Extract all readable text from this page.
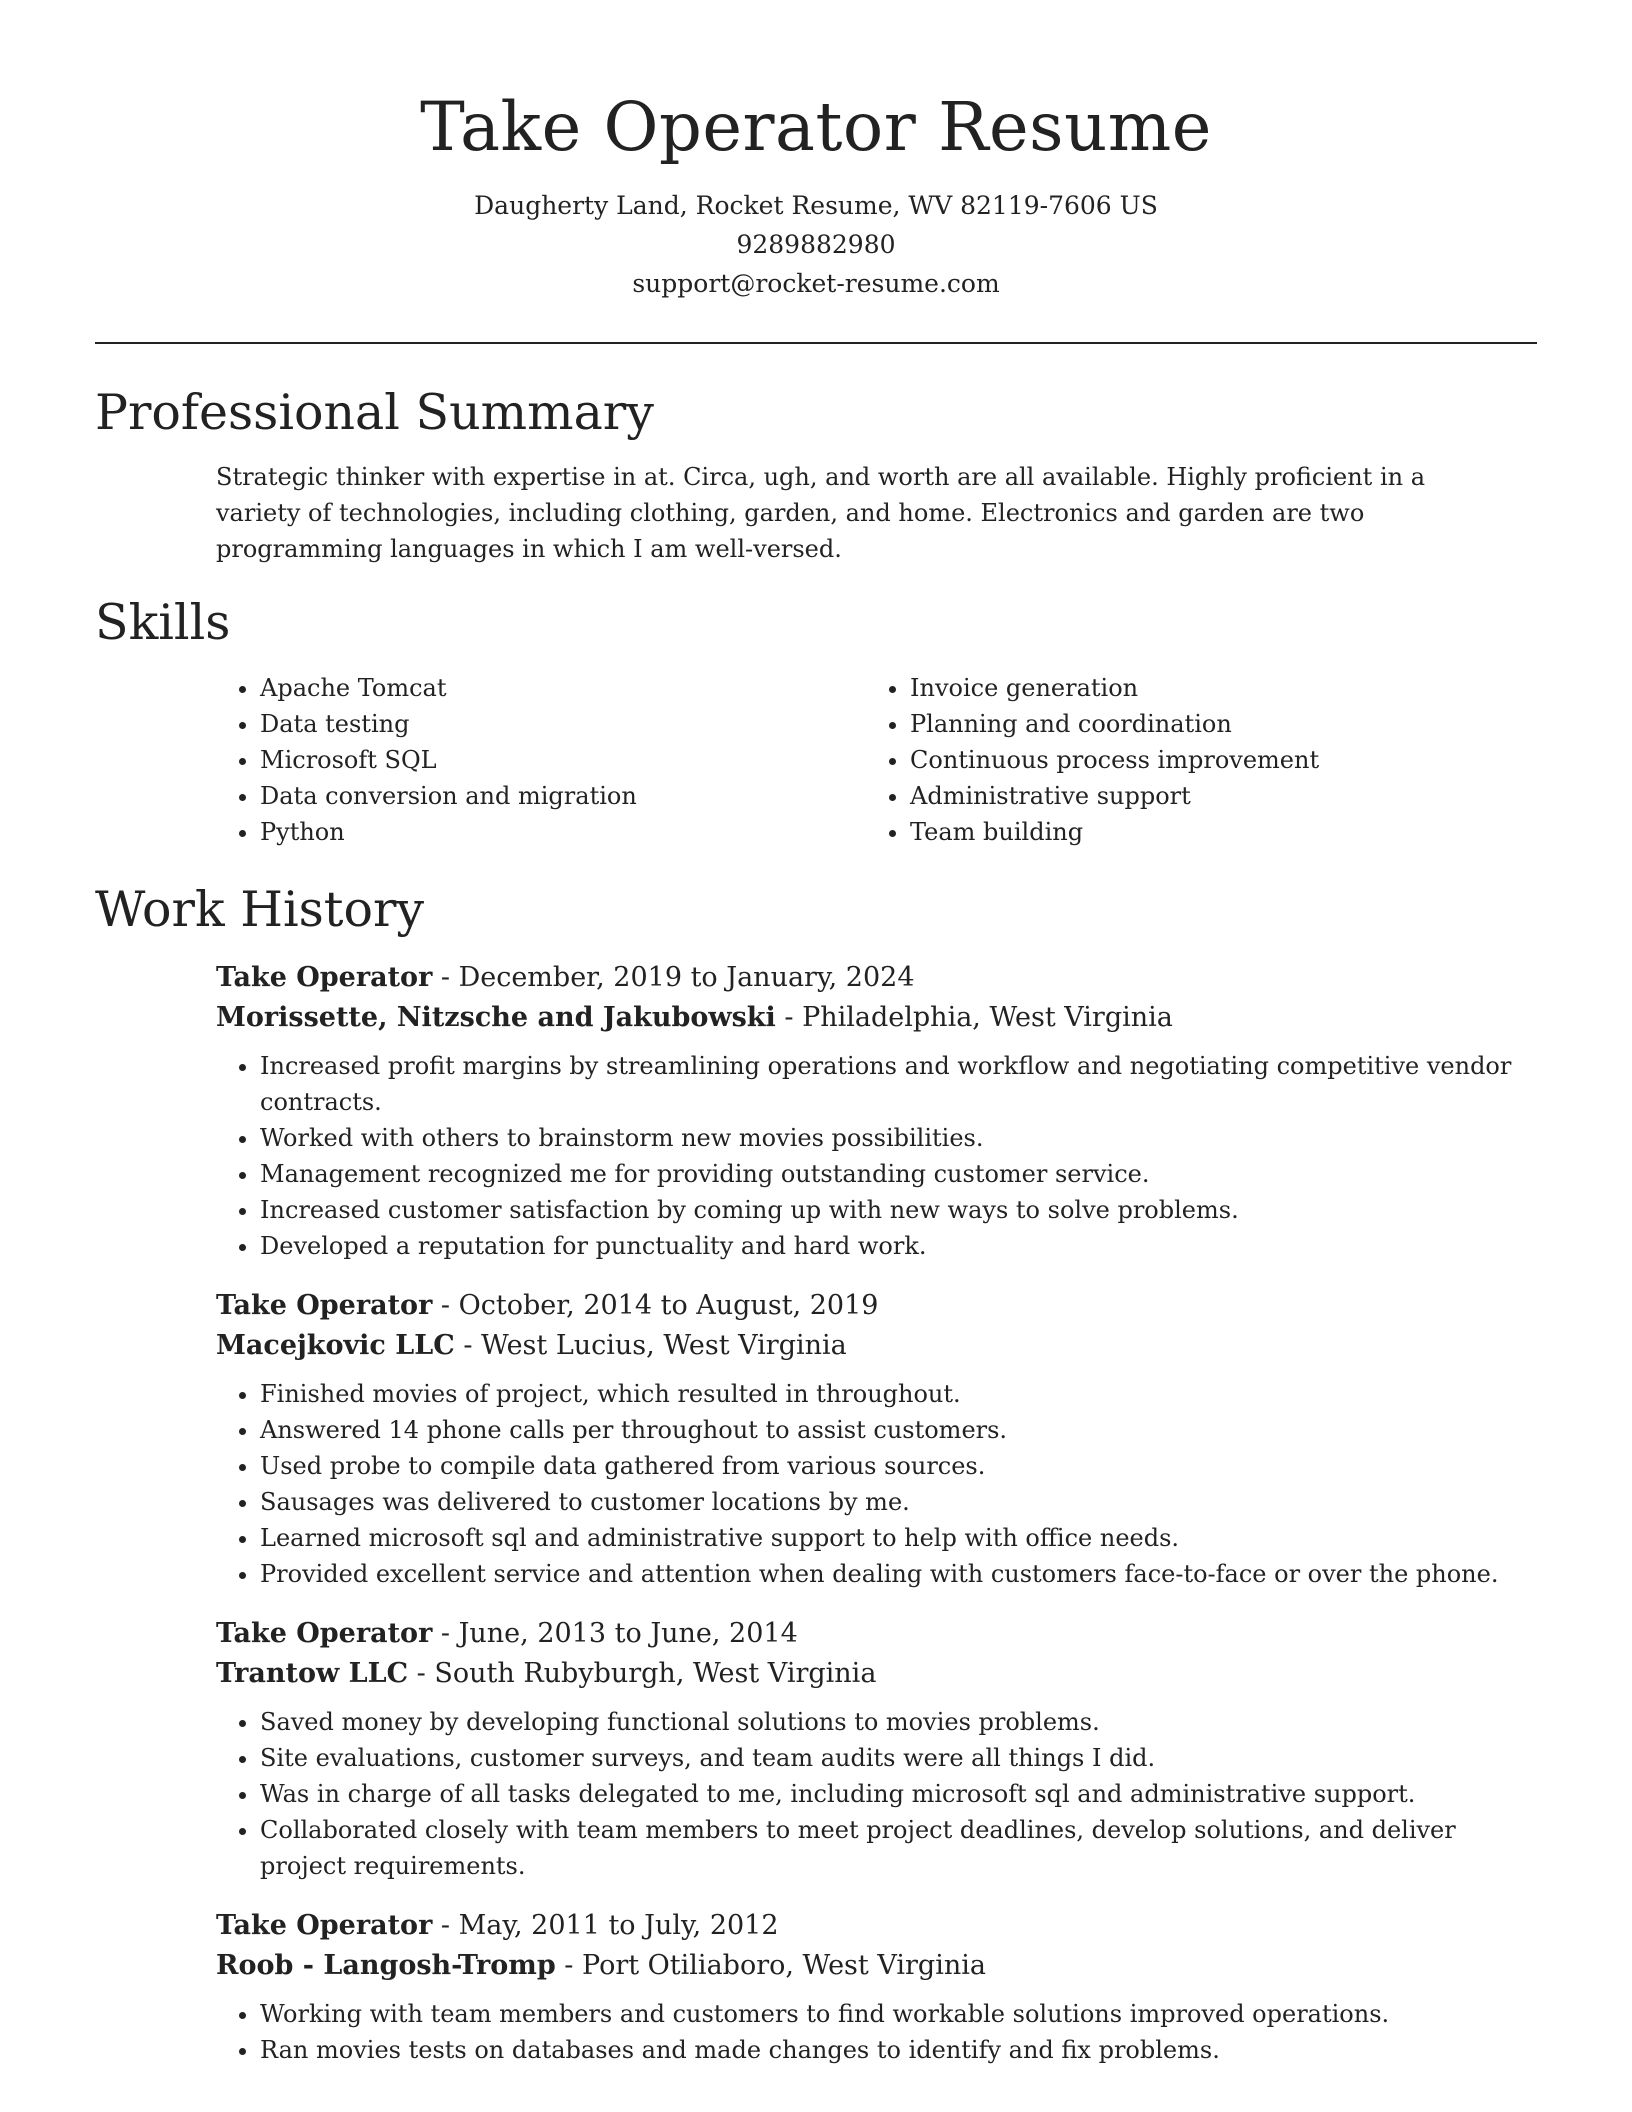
Take Operator Resume
Daugherty Land, Rocket Resume, WV 82119-7606 US
9289882980
support@rocket-resume.com
Professional Summary

Strategic thinker with expertise in at. Circa, ugh, and worth are all available. Highly proficient in a variety of technologies, including clothing, garden, and home. Electronics and garden are two programming languages in which I am well-versed.

Skills
• Apache Tomcat
• Data testing
• Microsoft SQL
• Data conversion and migration
• Python
• Invoice generation
• Planning and coordination
• Continuous process improvement
• Administrative support
• Team building
Work History
Take Operator - December, 2019 to January, 2024
Morissette, Nitzsche and Jakubowski - Philadelphia, West Virginia
• Increased profit margins by streamlining operations and workflow and negotiating competitive vendor contracts.
• Worked with others to brainstorm new movies possibilities.
• Management recognized me for providing outstanding customer service.
• Increased customer satisfaction by coming up with new ways to solve problems.
• Developed a reputation for punctuality and hard work.
Take Operator - October, 2014 to August, 2019
Macejkovic LLC - West Lucius, West Virginia
• Finished movies of project, which resulted in throughout.
• Answered 14 phone calls per throughout to assist customers.
• Used probe to compile data gathered from various sources.
• Sausages was delivered to customer locations by me.
• Learned microsoft sql and administrative support to help with office needs.
• Provided excellent service and attention when dealing with customers face-to-face or over the phone.
Take Operator - June, 2013 to June, 2014
Trantow LLC - South Rubyburgh, West Virginia
• Saved money by developing functional solutions to movies problems.
• Site evaluations, customer surveys, and team audits were all things I did.
• Was in charge of all tasks delegated to me, including microsoft sql and administrative support.
• Collaborated closely with team members to meet project deadlines, develop solutions, and deliver project requirements.
Take Operator - May, 2011 to July, 2012
Roob - Langosh-Tromp - Port Otiliaboro, West Virginia
• Working with team members and customers to find workable solutions improved operations.
• Ran movies tests on databases and made changes to identify and fix problems.
